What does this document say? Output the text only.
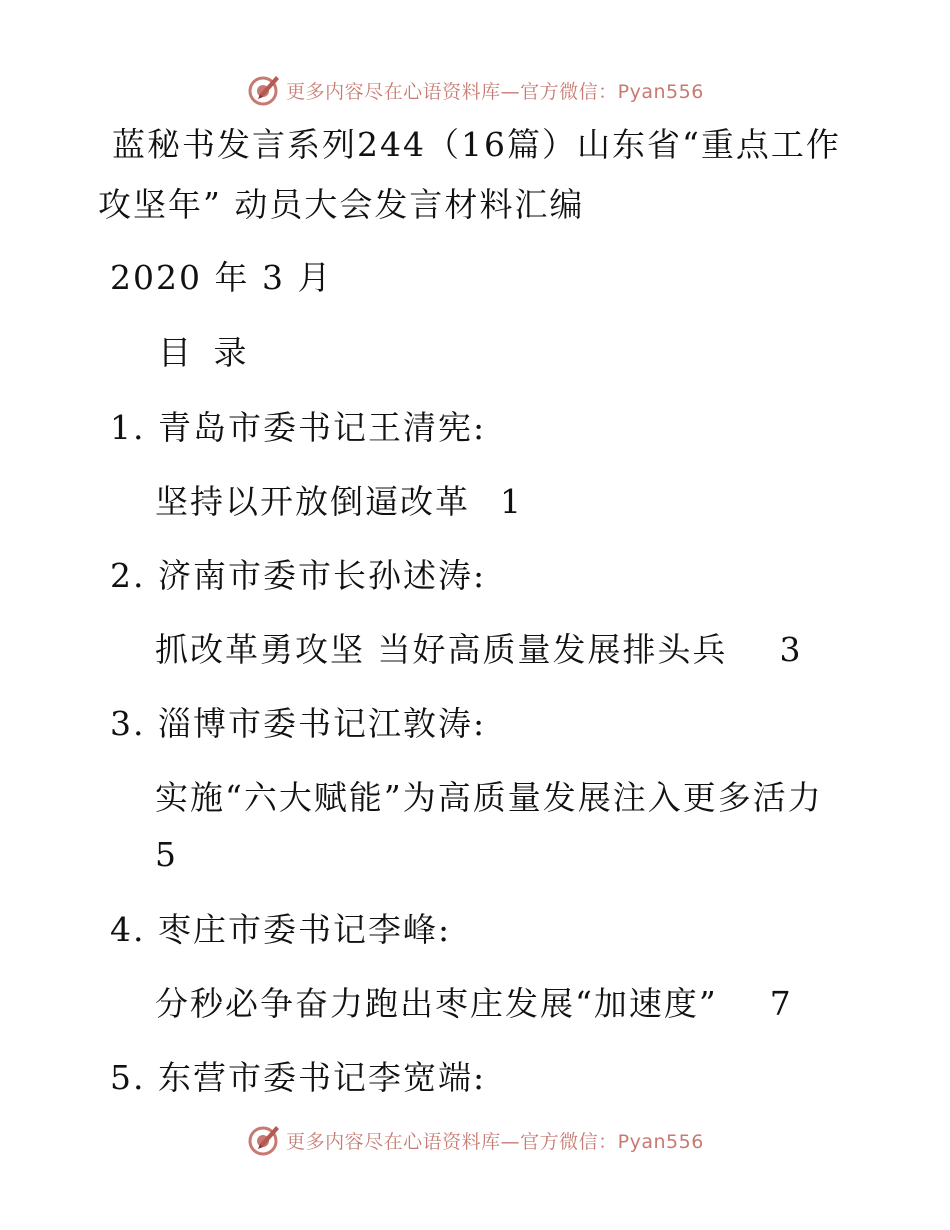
更多内容尽在心语资料库—官方微信：Pyan556
蓝秘书发言系列244（16篇）山东省“重点工作
攻坚年” 动员大会发言材料汇编
2020 年 3 月
目 录
1. 青岛市委书记王清宪:
坚持以开放倒逼改革 1
2. 济南市委市长孙述涛:
抓改革勇攻坚 当好高质量发展排头兵 3
3. 淄博市委书记江敦涛:
实施“六大赋能”为高质量发展注入更多活力
5
4. 枣庄市委书记李峰:
分秒必争奋力跑出枣庄发展“加速度” 7
5. 东营市委书记李宽端:
更多内容尽在心语资料库—官方微信：Pyan556
